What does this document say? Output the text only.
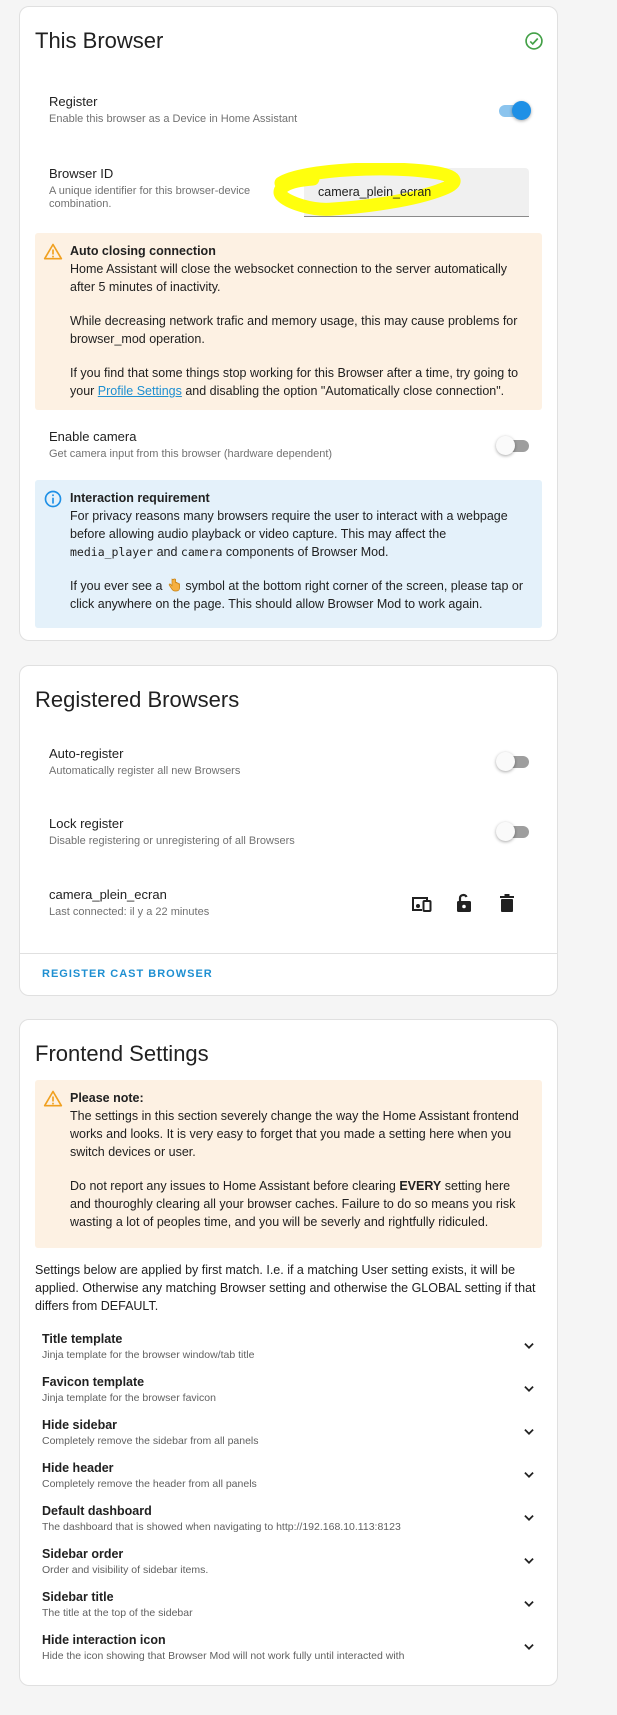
This Browser
Register
Enable this browser as a Device in Home Assistant
Browser ID
A unique identifier for this browser-device combination.
camera_plein_ecran
Auto closing connection

Home Assistant will close the websocket connection to the server automatically after 5 minutes of inactivity.

While decreasing network trafic and memory usage, this may cause problems for browser_mod operation.

If you find that some things stop working for this Browser after a time, try going to your Profile Settings and disabling the option "Automatically close connection".

Enable camera
Get camera input from this browser (hardware dependent)
Interaction requirement

For privacy reasons many browsers require the user to interact with a webpage before allowing audio playback or video capture. This may affect the media_player and camera components of Browser Mod.

If you ever see a  symbol at the bottom right corner of the screen, please tap or click anywhere on the page. This should allow Browser Mod to work again.

Registered Browsers
Auto-register
Automatically register all new Browsers
Lock register
Disable registering or unregistering of all Browsers
camera_plein_ecran
Last connected: il y a 22 minutes
REGISTER CAST BROWSER
Frontend Settings
Please note:

The settings in this section severely change the way the Home Assistant frontend works and looks. It is very easy to forget that you made a setting here when you switch devices or user.

Do not report any issues to Home Assistant before clearing EVERY setting here and thouroghly clearing all your browser caches. Failure to do so means you risk wasting a lot of peoples time, and you will be severly and rightfully ridiculed.

Settings below are applied by first match. I.e. if a matching User setting exists, it will be applied. Otherwise any matching Browser setting and otherwise the GLOBAL setting if that differs from DEFAULT.
Title template
Jinja template for the browser window/tab title
Favicon template
Jinja template for the browser favicon
Hide sidebar
Completely remove the sidebar from all panels
Hide header
Completely remove the header from all panels
Default dashboard
The dashboard that is showed when navigating to http://192.168.10.113:8123
Sidebar order
Order and visibility of sidebar items.
Sidebar title
The title at the top of the sidebar
Hide interaction icon
Hide the icon showing that Browser Mod will not work fully until interacted with
